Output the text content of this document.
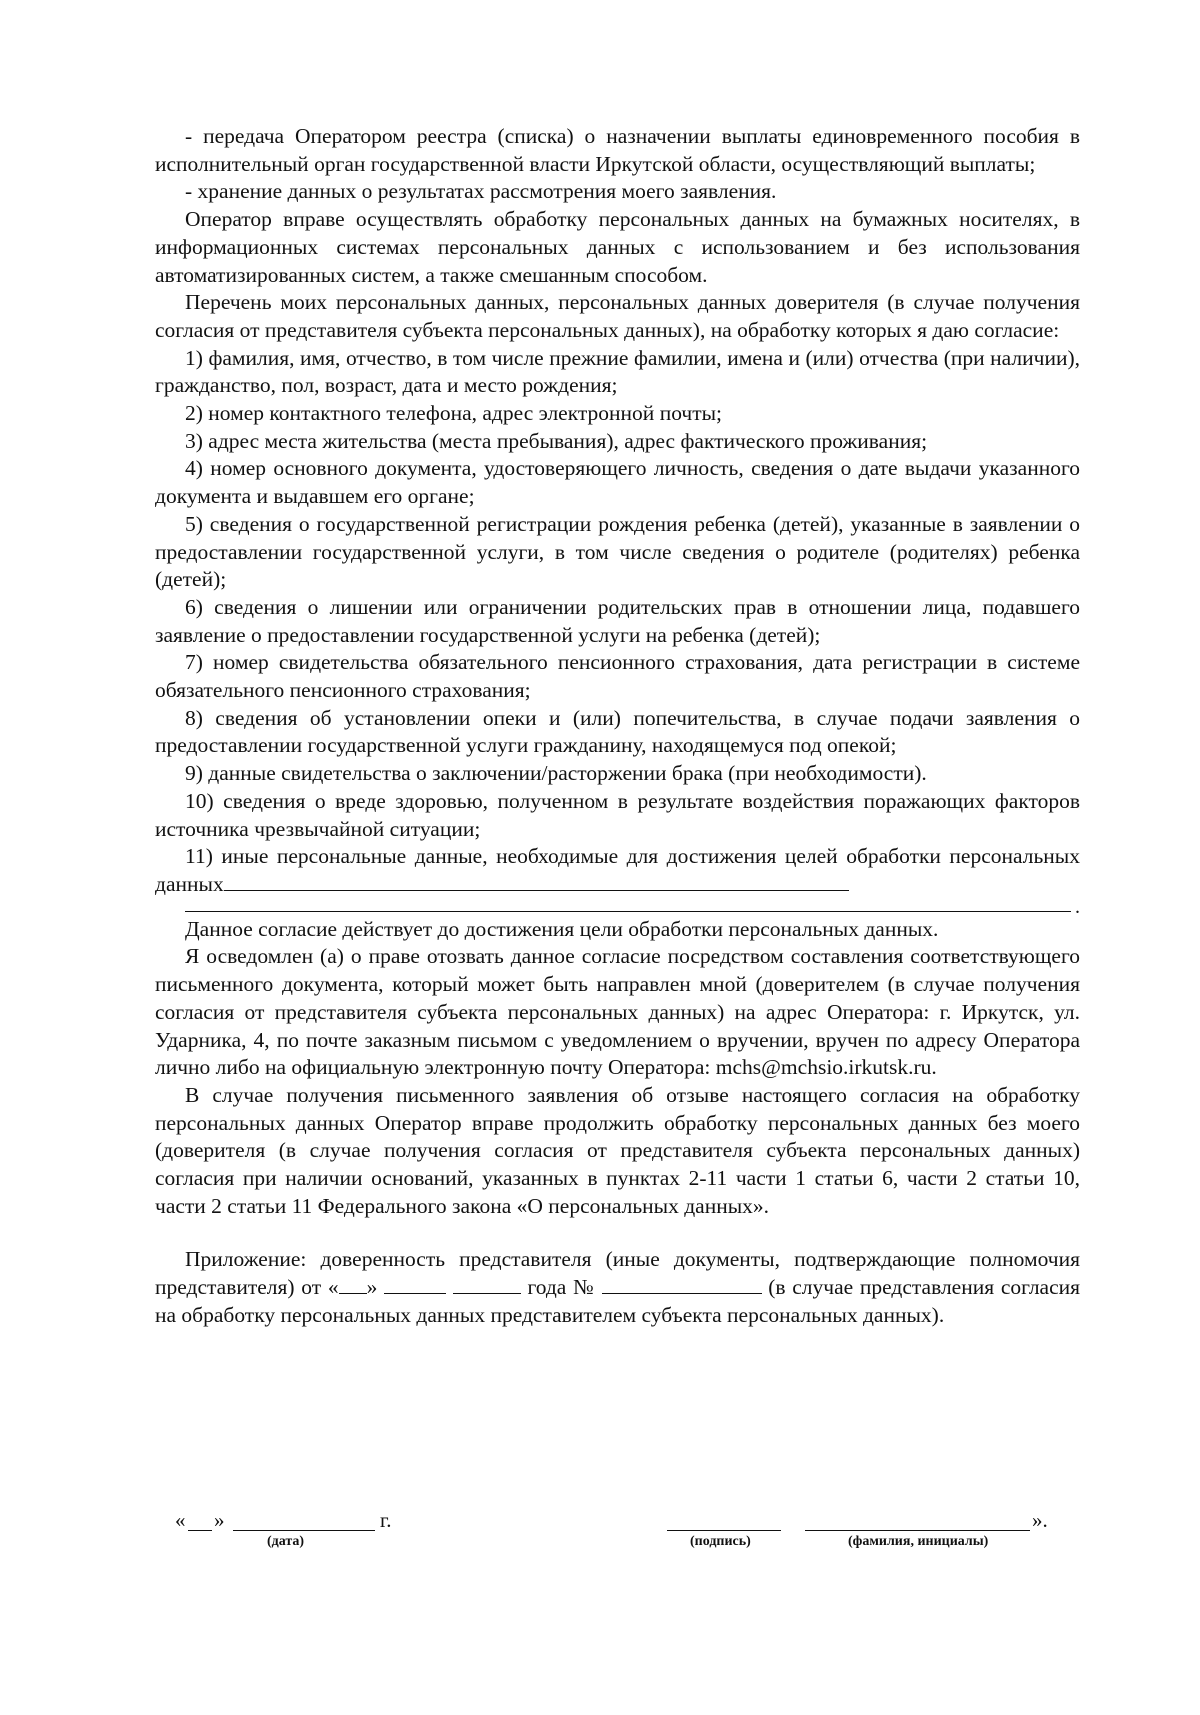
- передача Оператором реестра (списка) о назначении выплаты единовременного пособия в исполнительный орган государственной власти Иркутской области, осуществляющий выплаты;

- хранение данных о результатах рассмотрения моего заявления.

Оператор вправе осуществлять обработку персональных данных на бумажных носителях, в информационных системах персональных данных с использованием и без использования автоматизированных систем, а также смешанным способом.

Перечень моих персональных данных, персональных данных доверителя (в случае получения согласия от представителя субъекта персональных данных), на обработку которых я даю согласие:

1) фамилия, имя, отчество, в том числе прежние фамилии, имена и (или) отчества (при наличии), гражданство, пол, возраст, дата и место рождения;

2) номер контактного телефона, адрес электронной почты;

3) адрес места жительства (места пребывания), адрес фактического проживания;

4) номер основного документа, удостоверяющего личность, сведения о дате выдачи указанного документа и выдавшем его органе;

5) сведения о государственной регистрации рождения ребенка (детей), указанные в заявлении о предоставлении государственной услуги, в том числе сведения о родителе (родителях) ребенка (детей);

6) сведения о лишении или ограничении родительских прав в отношении лица, подавшего заявление о предоставлении государственной услуги на ребенка (детей);

7) номер свидетельства обязательного пенсионного страхования, дата регистрации в системе обязательного пенсионного страхования;

8) сведения об установлении опеки и (или) попечительства, в случае подачи заявления о предоставлении государственной услуги гражданину, находящемуся под опекой;

9) данные свидетельства о заключении/расторжении брака (при необходимости).

10) сведения о вреде здоровью, полученном в результате воздействия поражающих факторов источника чрезвычайной ситуации;

11) иные персональные данные, необходимые для достижения целей обработки персональных данных

.

Данное согласие действует до достижения цели обработки персональных данных.

Я осведомлен (а) о праве отозвать данное согласие посредством составления соответствующего письменного документа, который может быть направлен мной (доверителем (в случае получения согласия от представителя субъекта персональных данных) на адрес Оператора: г. Иркутск, ул. Ударника, 4, по почте заказным письмом с уведомлением о вручении, вручен по адресу Оператора лично либо на официальную электронную почту Оператора: mchs@mchsio.irkutsk.ru.

В случае получения письменного заявления об отзыве настоящего согласия на обработку персональных данных Оператор вправе продолжить обработку персональных данных без моего (доверителя (в случае получения согласия от представителя субъекта персональных данных) согласия при наличии оснований, указанных в пунктах 2-11 части 1 статьи 6, части 2 статьи 10, части 2 статьи 11 Федерального закона «О персональных данных».

Приложение: доверенность представителя (иные документы, подтверждающие полномочия представителя) от « »	года №	(в случае представления согласия на обработку персональных данных представителем субъекта персональных данных).

« »	г.
(дата)	(подпись)
».
(фамилия, инициалы)
